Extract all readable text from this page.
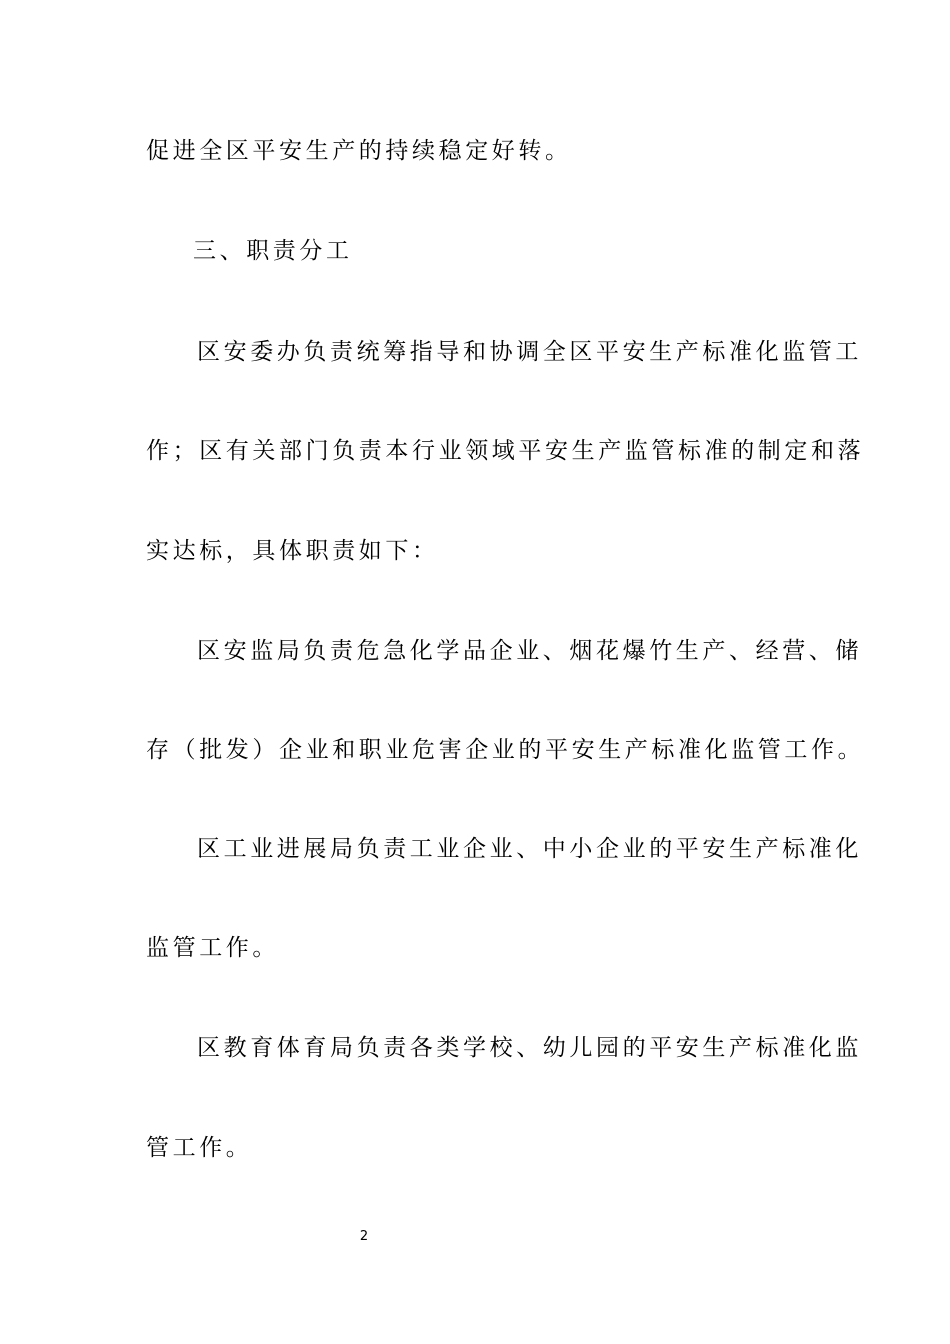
促进全区平安生产的持续稳定好转。
三、职责分工
区安委办负责统筹指导和协调全区平安生产标准化监管工
作；区有关部门负责本行业领域平安生产监管标准的制定和落
实达标，具体职责如下：
区安监局负责危急化学品企业、烟花爆竹生产、经营、储
存（批发）企业和职业危害企业的平安生产标准化监管工作。
区工业进展局负责工业企业、中小企业的平安生产标准化
监管工作。
区教育体育局负责各类学校、幼儿园的平安生产标准化监
管工作。
2
